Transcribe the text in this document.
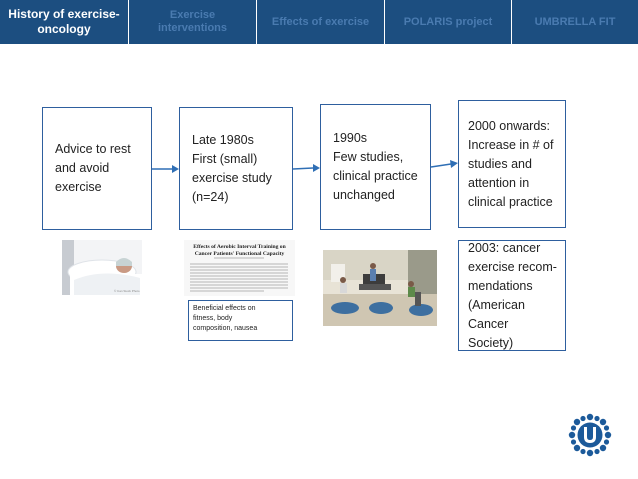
History of exercise-
oncology
Exercise
interventions
Effects of exercise	POLARIS project	UMBRELLA FIT
Advice to rest
and avoid
exercise
Late 1980s
First (small)
exercise study
(n=24)
1990s
Few studies,
clinical practice
unchanged
2000 onwards:
Increase in # of
studies and
attention in
clinical practice
2003: cancer
exercise recom-
mendations
(American
Cancer
Society)
© Can Stock Photo
Effects of Aerobic Interval Training on
Cancer Patients' Functional Capacity
Beneficial effects on
fitness, body
composition, nausea
